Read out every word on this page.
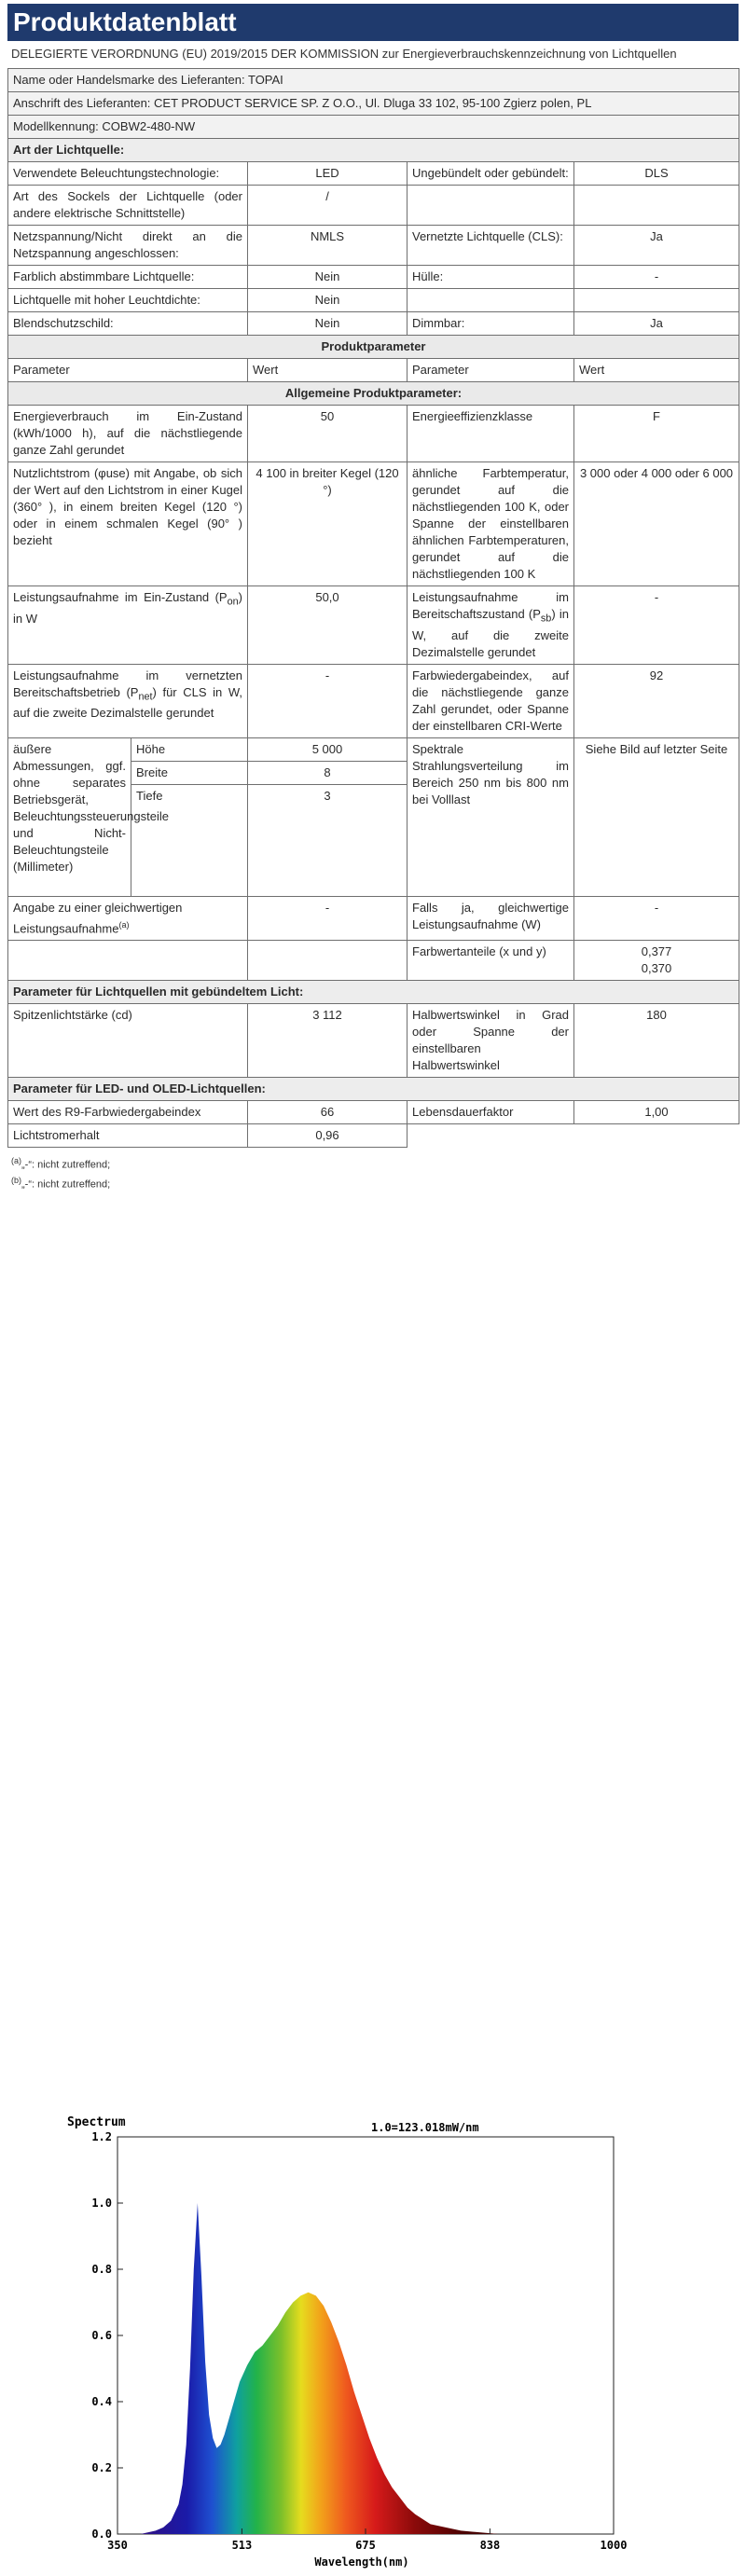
Produktdatenblatt
DELEGIERTE VERORDNUNG (EU) 2019/2015 DER KOMMISSION zur Energieverbrauchskennzeichnung von Lichtquellen
Name oder Handelsmarke des Lieferanten: TOPAI				
Anschrift des Lieferanten: CET PRODUCT SERVICE SP. Z O.O., Ul. Dluga 33 102, 95-100 Zgierz polen, PL				
Modellkennung: COBW2-480-NW				
Art der Lichtquelle:				
Verwendete Beleuchtungstechnologie:		LED	Ungebündelt oder gebündelt:	DLS
Art des Sockels der Lichtquelle (oder andere elektrische Schnittstelle)		/		
Netzspannung/Nicht direkt an die Netzspannung angeschlossen:		NMLS	Vernetzte Lichtquelle (CLS):	Ja
Farblich abstimmbare Lichtquelle:		Nein	Hülle:	-
Lichtquelle mit hoher Leuchtdichte:		Nein		
Blendschutzschild:		Nein	Dimmbar:	Ja
Produktparameter				
Parameter		Wert	Parameter	Wert
Allgemeine Produktparameter:				
Energieverbrauch im Ein-Zustand (kWh/1000 h), auf die nächstliegende ganze Zahl gerundet		50	Energieeffizienzklasse	F
Nutzlichtstrom (φuse) mit Angabe, ob sich der Wert auf den Lichtstrom in einer Kugel (360° ), in einem breiten Kegel (120 °) oder in einem schmalen Kegel (90° ) bezieht		4 100 in breiter Kegel (120 °)	ähnliche Farbtemperatur, gerundet auf die nächstliegenden 100 K, oder Spanne der einstellbaren ähnlichen Farbtemperaturen, gerundet auf die nächstliegenden 100 K	3 000 oder 4 000 oder 6 000
Leistungsaufnahme im Ein-Zustand $(P_{on})$ in W		50,0	Leistungsaufnahme im Bereitschaftszustand $(P_{sb})$ in W, auf die zweite Dezimalstelle gerundet	-
Leistungsaufnahme im vernetzten Bereitschaftsbetrieb $(P_{net})$ für CLS in W, auf die zweite Dezimalstelle gerundet		-	Farbwiedergabeindex, auf die nächstliegende ganze Zahl gerundet, oder Spanne der einstellbaren CRI-Werte	92
äußere Abmessungen, ggf. ohne separates Betriebsgerät, Beleuchtungssteuerungsteile und Nicht-Beleuchtungsteile (Millimeter)	Höhe	5 000	Spektrale Strahlungsverteilung im Bereich 250 nm bis 800 nm bei Volllast	Siehe Bild auf letzter Seite
	Breite	8		
	Tiefe	3		
Angabe zu einer gleichwertigen Leistungsaufnahme$^{(a)}$		-	Falls ja, gleichwertige Leistungsaufnahme (W)	-
			Farbwertanteile (x und y)	0,377
0,370

Parameter für Lichtquellen mit gebündeltem Licht:				
Spitzenlichtstärke (cd)		3 112	Halbwertswinkel in Grad oder Spanne der einstellbaren Halbwertswinkel	180
Parameter für LED- und OLED-Lichtquellen:				
Wert des R9-Farbwiedergabeindex		66	Lebensdauerfaktor	1,00
Lichtstromerhalt		0,96		
$^{(a)}$„-“: nicht zutreffend;
$^{(b)}$„-“: nicht zutreffend;
Spectrum	1.0=123.018mW/nm
Wavelength(nm)
0.0
0.2
0.4
0.6
0.8
1.0
1.2
350	513	675	838	1000
